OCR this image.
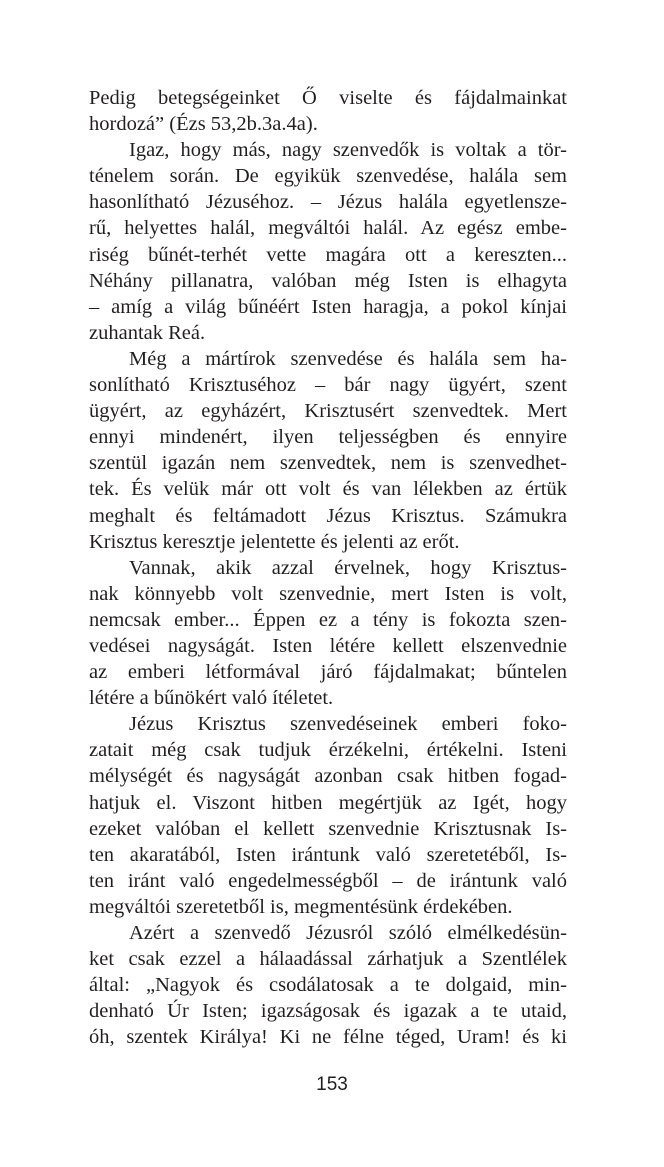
Pedig betegségeinket Ő viselte és fájdalmainkat
hordozá” (Ézs 53,2b.3a.4a).
Igaz, hogy más, nagy szenvedők is voltak a tör-
ténelem során. De egyikük szenvedése, halála sem
hasonlítható Jézuséhoz. – Jézus halála egyetlensze-
rű, helyettes halál, megváltói halál. Az egész embe-
riség bűnét-terhét vette magára ott a kereszten...
Néhány pillanatra, valóban még Isten is elhagyta
– amíg a világ bűnéért Isten haragja, a pokol kínjai
zuhantak Reá.
Még a mártírok szenvedése és halála sem ha-
sonlítható Krisztuséhoz – bár nagy ügyért, szent
ügyért, az egyházért, Krisztusért szenvedtek. Mert
ennyi mindenért, ilyen teljességben és ennyire
szentül igazán nem szenvedtek, nem is szenvedhet-
tek. És velük már ott volt és van lélekben az értük
meghalt és feltámadott Jézus Krisztus. Számukra
Krisztus keresztje jelentette és jelenti az erőt.
Vannak, akik azzal érvelnek, hogy Krisztus-
nak könnyebb volt szenvednie, mert Isten is volt,
nemcsak ember... Éppen ez a tény is fokozta szen-
vedései nagyságát. Isten létére kellett elszenvednie
az emberi létformával járó fájdalmakat; bűntelen
létére a bűnökért való ítéletet.
Jézus Krisztus szenvedéseinek emberi foko-
zatait még csak tudjuk érzékelni, értékelni. Isteni
mélységét és nagyságát azonban csak hitben fogad-
hatjuk el. Viszont hitben megértjük az Igét, hogy
ezeket valóban el kellett szenvednie Krisztusnak Is-
ten akaratából, Isten irántunk való szeretetéből, Is-
ten iránt való engedelmességből – de irántunk való
megváltói szeretetből is, megmentésünk érdekében.
Azért a szenvedő Jézusról szóló elmélkedésün-
ket csak ezzel a hálaadással zárhatjuk a Szentlélek
által: „Nagyok és csodálatosak a te dolgaid, min-
denható Úr Isten; igazságosak és igazak a te utaid,
óh, szentek Királya! Ki ne félne téged, Uram! és ki
153
